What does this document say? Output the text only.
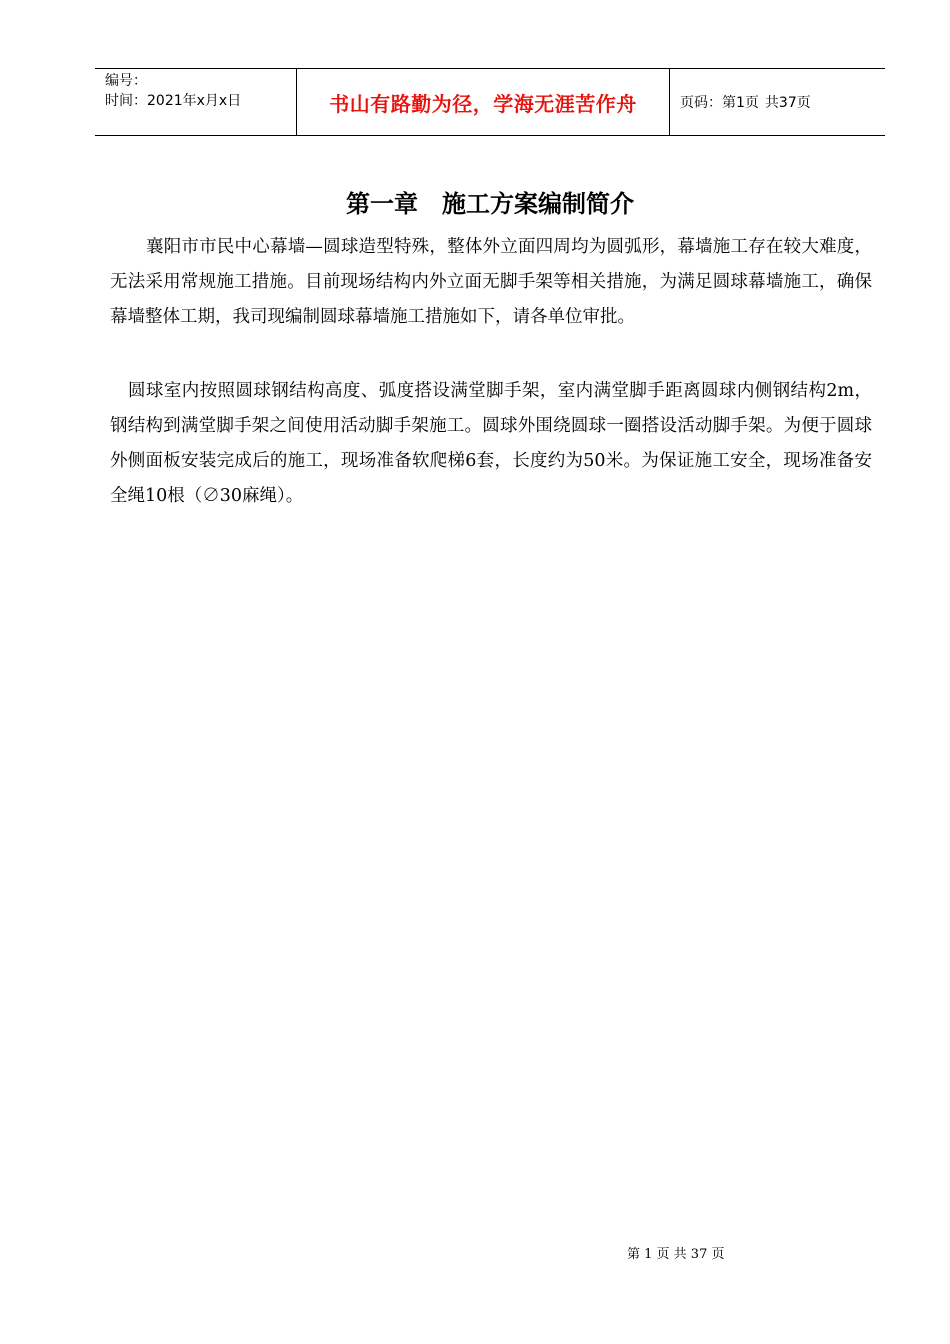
编号：
时间：2021年x月x日	书山有路勤为径，学海无涯苦作舟	页码：第1页 共37页
第一章　施工方案编制简介

襄阳市市民中心幕墙—圆球造型特殊，整体外立面四周均为圆弧形，幕墙施工存在较大难度，无法采用常规施工措施。目前现场结构内外立面无脚手架等相关措施，为满足圆球幕墙施工，确保幕墙整体工期，我司现编制圆球幕墙施工措施如下，请各单位审批。

圆球室内按照圆球钢结构高度、弧度搭设满堂脚手架，室内满堂脚手距离圆球内侧钢结构2m，钢结构到满堂脚手架之间使用活动脚手架施工。圆球外围绕圆球一圈搭设活动脚手架。为便于圆球外侧面板安装完成后的施工，现场准备软爬梯6套，长度约为50米。为保证施工安全，现场准备安全绳10根（∅30麻绳）。

第 1 页 共 37 页
